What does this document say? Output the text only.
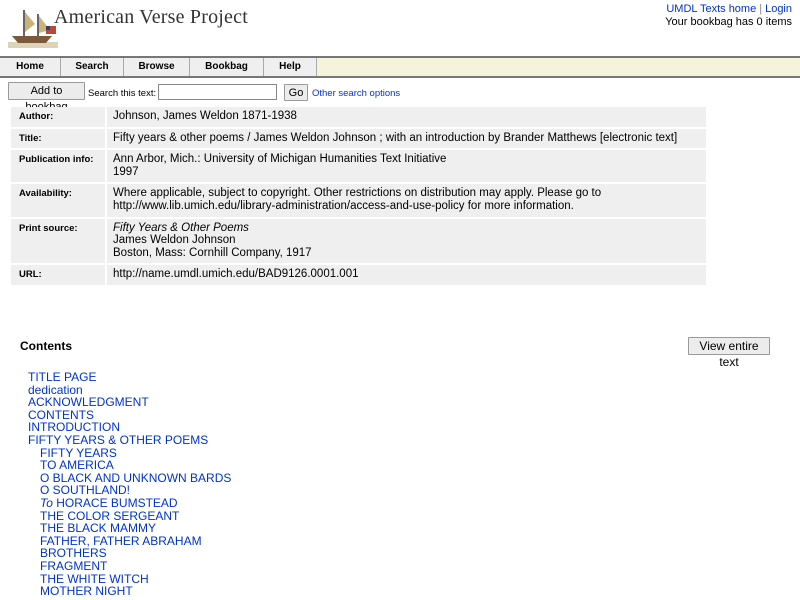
American Verse Project	UMDL Texts home | Login
Your bookbag has 0 items
Home	Search	Browse	Bookbag	Help
Add to	Search this text:	Go Other search options
Author:	Johnson, James Weldon 1871-1938
Title:	Fifty years & other poems / James Weldon Johnson ; with an introduction by Brander Matthews [electronic text]
Publication info:	Ann Arbor, Mich.: University of Michigan Humanities Text Initiative
1997
Availability:	Where applicable, subject to copyright. Other restrictions on distribution may apply. Please go to
http://www.lib.umich.edu/library-administration/access-and-use-policy for more information.
Print source:	Fifty Years & Other Poems
James Weldon Johnson
Boston, Mass: Cornhill Company, 1917
URL:	http://name.umdl.umich.edu/BAD9126.0001.001
Contents	View entire text
TITLE PAGE
dedication
ACKNOWLEDGMENT
CONTENTS
INTRODUCTION
FIFTY YEARS & OTHER POEMS
FIFTY YEARS
TO AMERICA
O BLACK AND UNKNOWN BARDS
O SOUTHLAND!
To HORACE BUMSTEAD
THE COLOR SERGEANT
THE BLACK MAMMY
FATHER, FATHER ABRAHAM
BROTHERS
FRAGMENT
THE WHITE WITCH
MOTHER NIGHT
